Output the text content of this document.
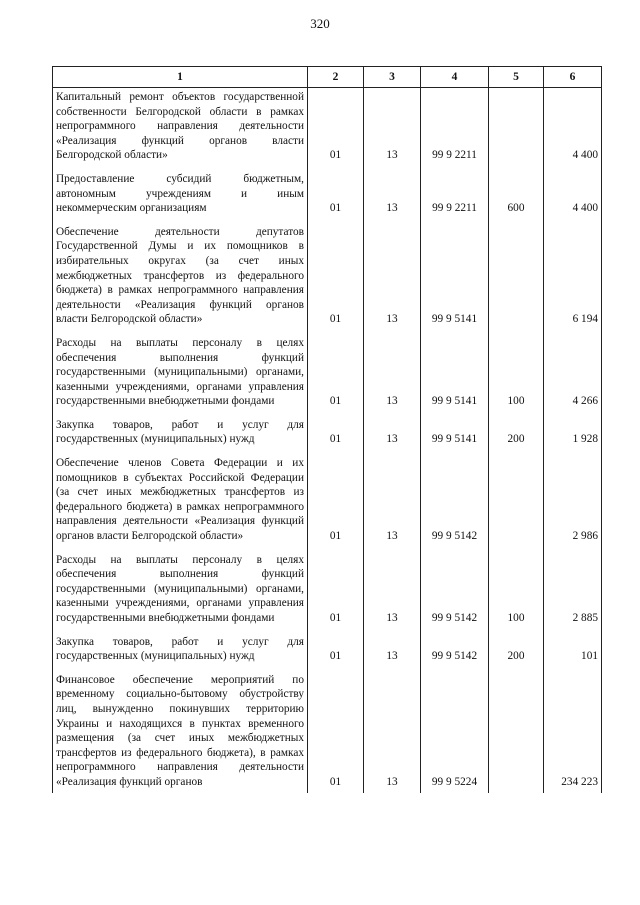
320
1	2	3	4	5	6
Капитальный ремонт объектов государственной собственности Белгородской области в рамках непрограммного направления деятельности «Реализация функций органов власти Белгородской области»	01	13	99 9 2211		4 400
Предоставление субсидий бюджетным, автономным учреждениям и иным некоммерческим организациям	01	13	99 9 2211	600	4 400
Обеспечение деятельности депутатов Государственной Думы и их помощников в избирательных округах (за счет иных межбюджетных трансфертов из федерального бюджета) в рамках непрограммного направления деятельности «Реализация функций органов власти Белгородской области»	01	13	99 9 5141		6 194
Расходы на выплаты персоналу в целях обеспечения выполнения функций государственными (муниципальными) органами, казенными учреждениями, органами управления государственными внебюджетными фондами	01	13	99 9 5141	100	4 266
Закупка товаров, работ и услуг для государственных (муниципальных) нужд	01	13	99 9 5141	200	1 928
Обеспечение членов Совета Федерации и их помощников в субъектах Российской Федерации (за счет иных межбюджетных трансфертов из федерального бюджета) в рамках непрограммного направления деятельности «Реализация функций органов власти Белгородской области»	01	13	99 9 5142		2 986
Расходы на выплаты персоналу в целях обеспечения выполнения функций государственными (муниципальными) органами, казенными учреждениями, органами управления государственными внебюджетными фондами	01	13	99 9 5142	100	2 885
Закупка товаров, работ и услуг для государственных (муниципальных) нужд	01	13	99 9 5142	200	101
Финансовое обеспечение мероприятий по временному социально-бытовому обустройству лиц, вынужденно покинувших территорию Украины и находящихся в пунктах временного размещения (за счет иных межбюджетных трансфертов из федерального бюджета), в рамках непрограммного направления деятельности «Реализация функций органов	01	13	99 9 5224		234 223
